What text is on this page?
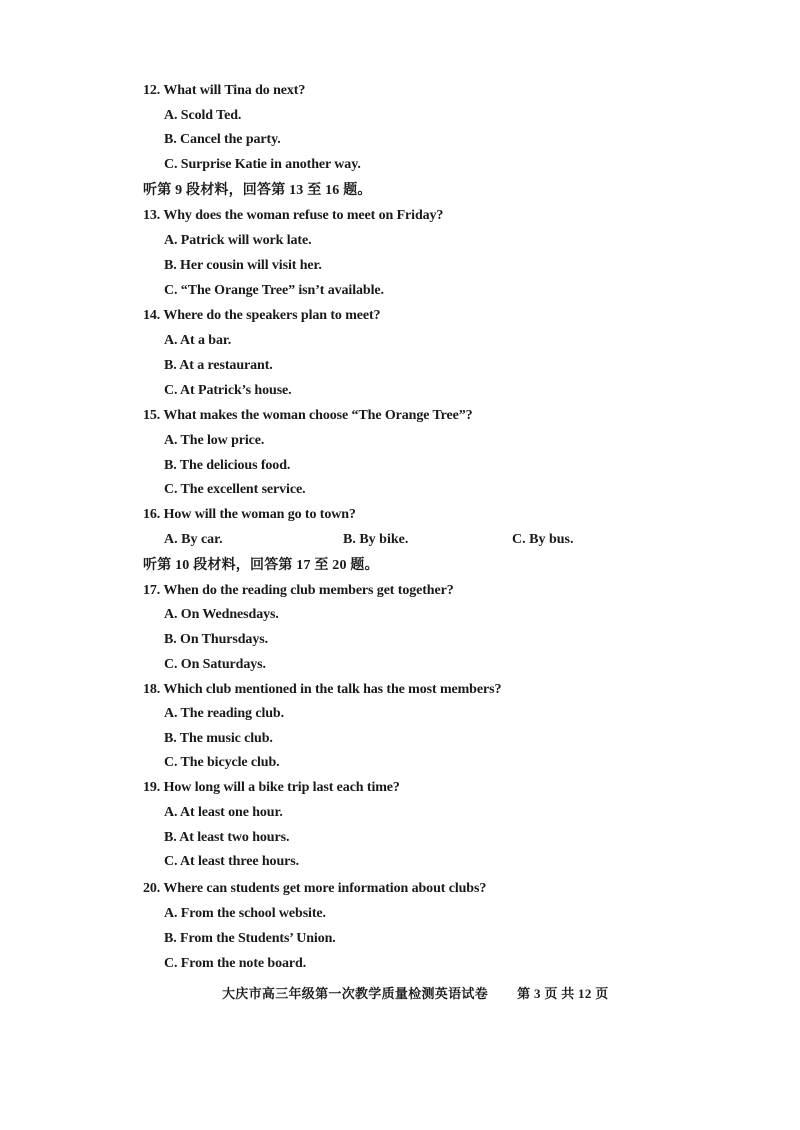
12. What will Tina do next?
A. Scold Ted.
B. Cancel the party.
C. Surprise Katie in another way.
听第 9 段材料，回答第 13 至 16 题。
13. Why does the woman refuse to meet on Friday?
A. Patrick will work late.
B. Her cousin will visit her.
C. “The Orange Tree” isn’t available.
14. Where do the speakers plan to meet?
A. At a bar.
B. At a restaurant.
C. At Patrick’s house.
15. What makes the woman choose “The Orange Tree”?
A. The low price.
B. The delicious food.
C. The excellent service.
16. How will the woman go to town?
A. By car.	B. By bike.	C. By bus.
听第 10 段材料，回答第 17 至 20 题。
17. When do the reading club members get together?
A. On Wednesdays.
B. On Thursdays.
C. On Saturdays.
18. Which club mentioned in the talk has the most members?
A. The reading club.
B. The music club.
C. The bicycle club.
19. How long will a bike trip last each time?
A. At least one hour.
B. At least two hours.
C. At least three hours.
20. Where can students get more information about clubs?
A. From the school website.
B. From the Students’ Union.
C. From the note board.
大庆市高三年级第一次教学质量检测英语试卷 第 3 页 共 12 页
